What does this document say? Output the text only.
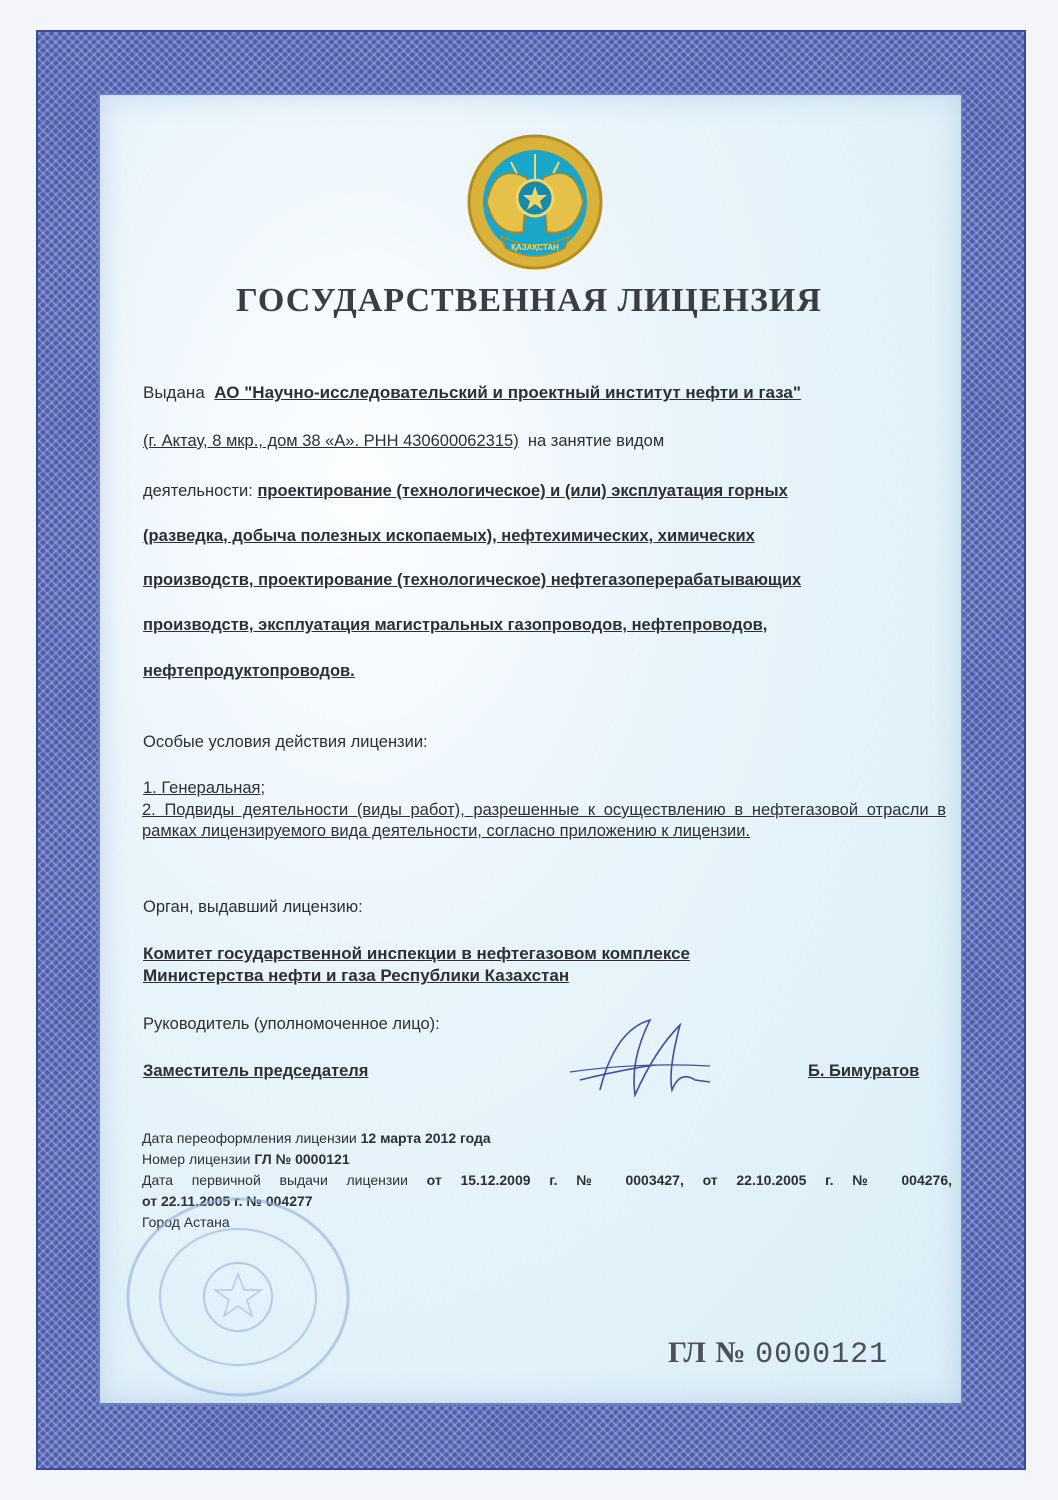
ҚАЗАҚСТАН
ГОСУДАРСТВЕННАЯ ЛИЦЕНЗИЯ
Выдана АО "Научно-исследовательский и проектный институт нефти и газа"
(г. Актау, 8 мкр., дом 38 «А». РНН 430600062315) на занятие видом
деятельности: проектирование (технологическое) и (или) эксплуатация горных
(разведка, добыча полезных ископаемых), нефтехимических, химических
производств, проектирование (технологическое) нефтегазоперерабатывающих
производств, эксплуатация магистральных газопроводов, нефтепроводов,
нефтепродуктопроводов.
Особые условия действия лицензии:
1. Генеральная;
2. Подвиды деятельности (виды работ), разрешенные к осуществлению в нефтегазовой отрасли в рамках лицензируемого вида деятельности, согласно приложению к лицензии.
Орган, выдавший лицензию:
Комитет государственной инспекции в нефтегазовом комплексе
Министерства нефти и газа Республики Казахстан
Руководитель (уполномоченное лицо):
Заместитель председателя	Б. Бимуратов
Дата переоформления лицензии 12 марта 2012 года
Номер лицензии ГЛ № 0000121
Дата первичной выдачи лицензии от 15.12.2009 г. № 0003427, от 22.10.2005 г. № 004276,
от 22.11.2005 г. № 004277
Город Астана
ГЛ № 0000121
